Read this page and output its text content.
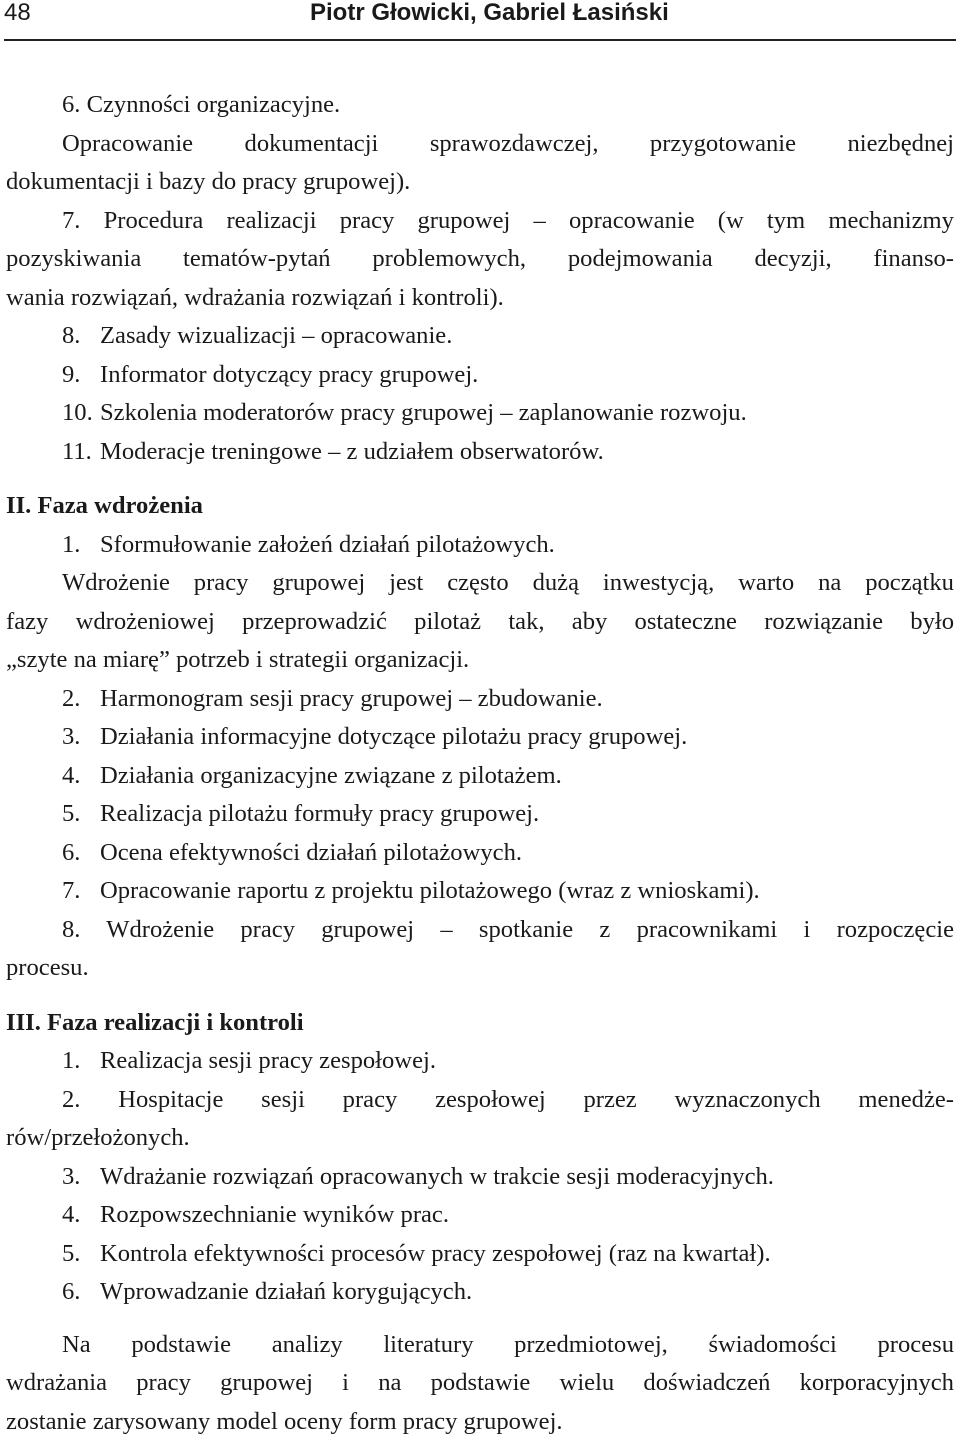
48	Piotr Głowicki, Gabriel Łasiński
6. Czynności organizacyjne.
Opracowanie dokumentacji sprawozdawczej, przygotowanie niezbędnej
dokumentacji i bazy do pracy grupowej).
7. Procedura realizacji pracy grupowej – opracowanie (w tym mechanizmy
pozyskiwania tematów-pytań problemowych, podejmowania decyzji, finanso-
wania rozwiązań, wdrażania rozwiązań i kontroli).
8. Zasady wizualizacji – opracowanie.
9. Informator dotyczący pracy grupowej.
10. Szkolenia moderatorów pracy grupowej – zaplanowanie rozwoju.
11. Moderacje treningowe – z udziałem obserwatorów.
II. Faza wdrożenia
1. Sformułowanie założeń działań pilotażowych.
Wdrożenie pracy grupowej jest często dużą inwestycją, warto na początku
fazy wdrożeniowej przeprowadzić pilotaż tak, aby ostateczne rozwiązanie było
„szyte na miarę” potrzeb i strategii organizacji.
2. Harmonogram sesji pracy grupowej – zbudowanie.
3. Działania informacyjne dotyczące pilotażu pracy grupowej.
4. Działania organizacyjne związane z pilotażem.
5. Realizacja pilotażu formuły pracy grupowej.
6. Ocena efektywności działań pilotażowych.
7. Opracowanie raportu z projektu pilotażowego (wraz z wnioskami).
8. Wdrożenie pracy grupowej – spotkanie z pracownikami i rozpoczęcie
procesu.
III. Faza realizacji i kontroli
1. Realizacja sesji pracy zespołowej.
2. Hospitacje sesji pracy zespołowej przez wyznaczonych menedże-
rów/przełożonych.
3. Wdrażanie rozwiązań opracowanych w trakcie sesji moderacyjnych.
4. Rozpowszechnianie wyników prac.
5. Kontrola efektywności procesów pracy zespołowej (raz na kwartał).
6. Wprowadzanie działań korygujących.
Na podstawie analizy literatury przedmiotowej, świadomości procesu
wdrażania pracy grupowej i na podstawie wielu doświadczeń korporacyjnych
zostanie zarysowany model oceny form pracy grupowej.
